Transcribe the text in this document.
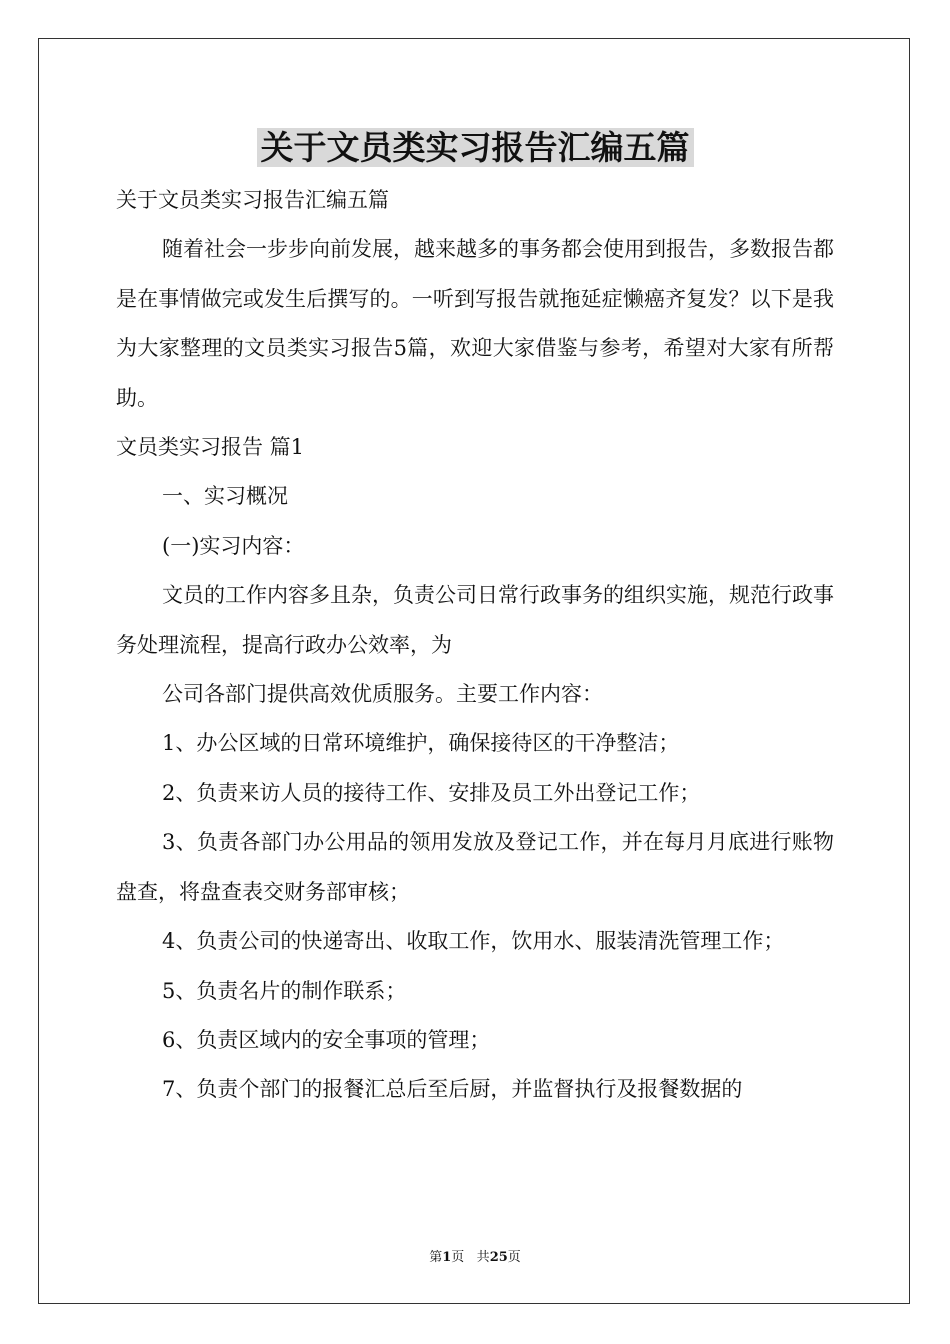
关于文员类实习报告汇编五篇

关于文员类实习报告汇编五篇

随着社会一步步向前发展，越来越多的事务都会使用到报告，多数报告都是在事情做完或发生后撰写的。一听到写报告就拖延症懒癌齐复发？以下是我为大家整理的文员类实习报告5篇，欢迎大家借鉴与参考，希望对大家有所帮助。

文员类实习报告 篇1

一、实习概况

(一)实习内容：

文员的工作内容多且杂，负责公司日常行政事务的组织实施，规范行政事务处理流程，提高行政办公效率，为

公司各部门提供高效优质服务。主要工作内容：

1、办公区域的日常环境维护，确保接待区的干净整洁；

2、负责来访人员的接待工作、安排及员工外出登记工作；

3、负责各部门办公用品的领用发放及登记工作，并在每月月底进行账物盘查，将盘查表交财务部审核；

4、负责公司的快递寄出、收取工作，饮用水、服装清洗管理工作；

5、负责名片的制作联系；

6、负责区域内的安全事项的管理；

7、负责个部门的报餐汇总后至后厨，并监督执行及报餐数据的

第1页 共25页
